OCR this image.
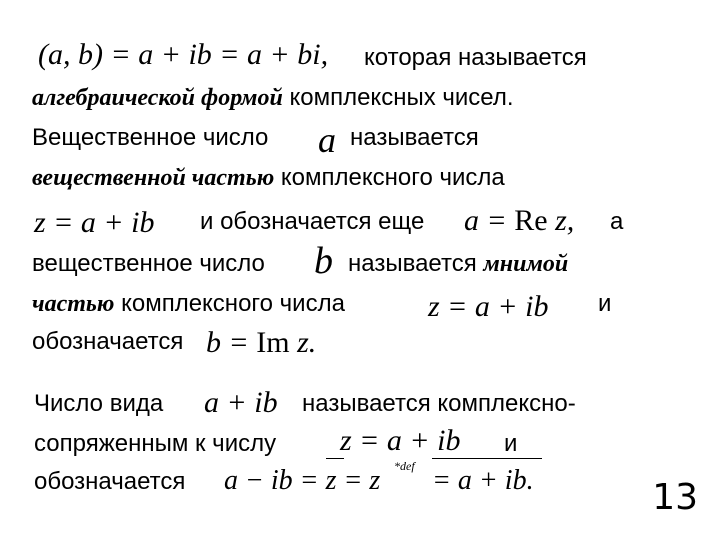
(a, b) = a + ib = a + bi, которая называется
алгебраической формой комплексных чисел.
Вещественное число a называется
вещественной частью комплексного числа
z = a + ib и обозначается еще a = Re z, а
вещественное число b называется мнимой
частью комплексного числа	z = a + ib и
обозначается b = Im z.
Число вида a + ib называется комплексно-
сопряженным к числу z = a + ib и
обозначается a − ib = z = z *def = a + ib.	13
